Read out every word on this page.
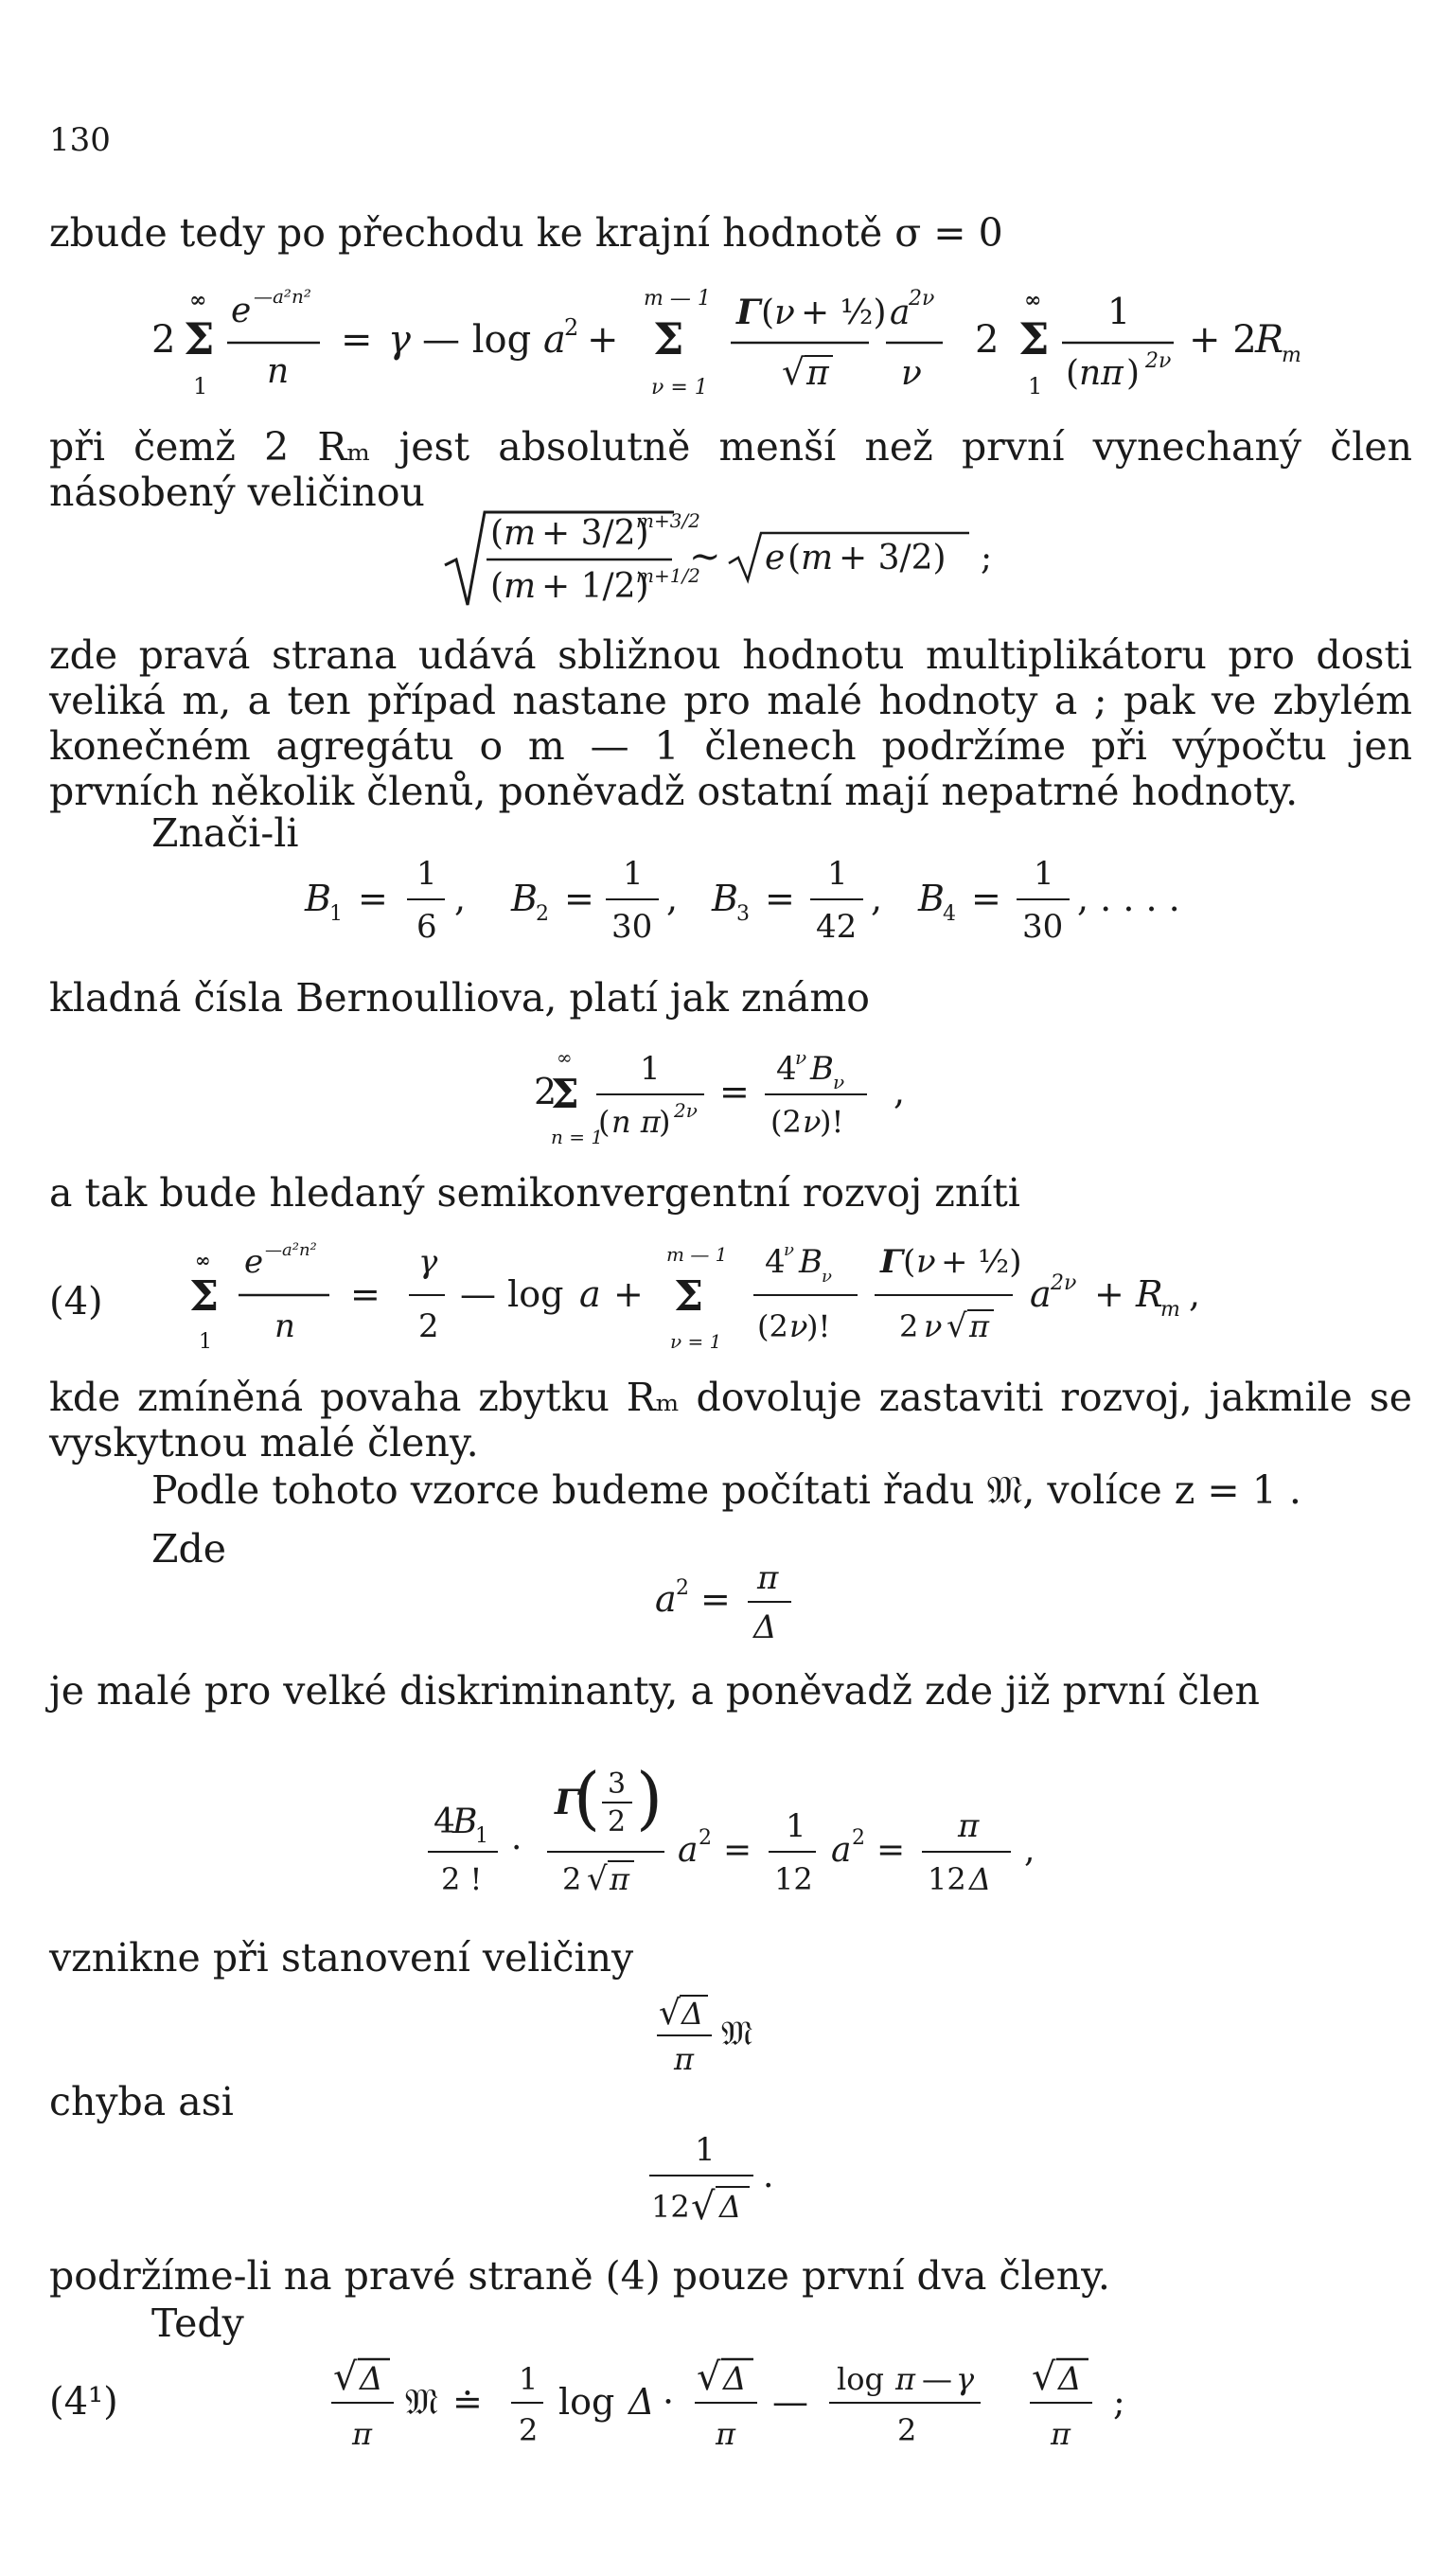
130
zbude tedy po přechodu ke krajní hodnotě σ = 0
2
∞
Σ
1
e —a²n²
n
= γ — log a
2 +
m — 1
Σ
ν = 1
Γ ( ν + ½)
√ π
a
2ν
ν
2
∞
Σ
1
1
( nπ ) 2ν + 2
R
m
při čemž 2 Rₘ jest absolutně menší než první vynechaný člen násobený veličinou
( m + 3/2)
m+3/2
( m + 1/2)
m+1/2
∼ e ( m + 3/2) ;
zde pravá strana udává sbližnou hodnotu multiplikátoru pro dosti veliká m, a ten případ nastane pro malé hodnoty a ; pak ve zbylém konečném agregátu o m — 1 členech podržíme při výpočtu jen prvních několik členů, poněvadž ostatní mají nepatrné hodnoty.
Znači-li
B
1 =
1
6
, B
2 =
1
30
, B
3 =
1
42
, B
4 =
1
30
, . . . .
kladná čísla Bernoulliova, platí jak známo
2
∞
Σ
n = 1
1
( n π
) 2ν =
4
ν B ν
(2 ν
)!
,
a tak bude hledaný semikonvergentní rozvoj zníti
(4)
∞
Σ
1
e —a²n²
n
=
γ
2
— log a +
m — 1
Σ
ν = 1
4
ν B ν
(2 ν
)!
Γ ( ν + ½)
2 ν √ π
a 2ν + R
m ,
kde zmíněná povaha zbytku Rₘ dovoluje zastaviti rozvoj, jakmile se vyskytnou malé členy.
Podle tohoto vzorce budeme počítati řadu 𝔐, volíce z = 1 .
Zde
a 2 = π
Δ
je malé pro velké diskriminanty, a poněvadž zde již první člen
4
B
1
2 !
·
Γ
( 3
2 )
2 √ π
a 2 =
1
12
a 2 =
π
12 Δ
,
vznikne při stanovení veličiny
√ Δ
π
𝔐
chyba asi
1
12 √ Δ
.
podržíme-li na pravé straně (4) pouze první dva členy.
Tedy
(4¹)
√ Δ
π
𝔐 ≐
1
2
log Δ ·
√ Δ
π
—
log π — γ
2
√ Δ
π
;
